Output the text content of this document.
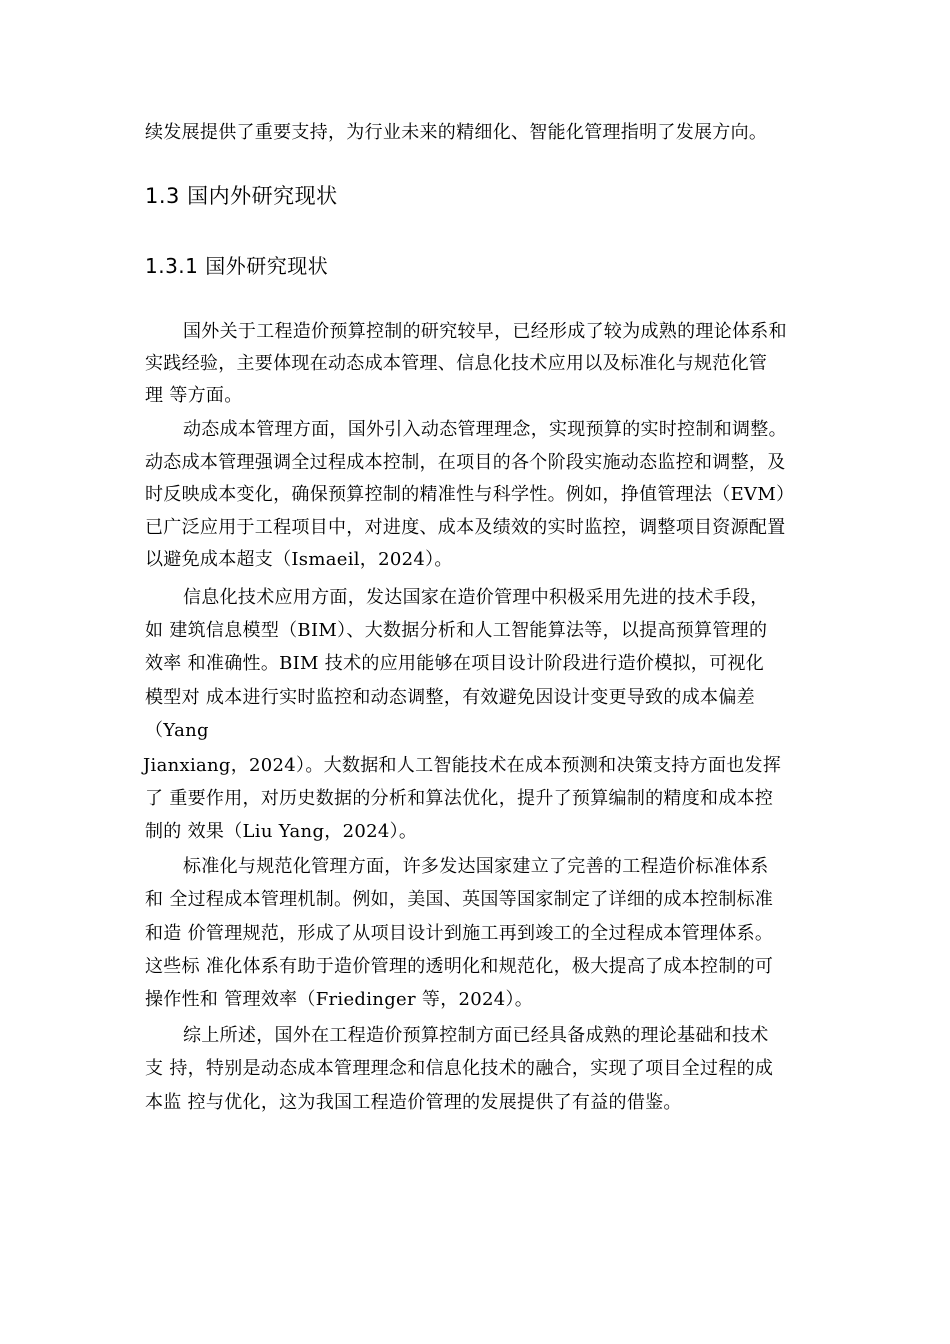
续发展提供了重要支持，为行业未来的精细化、智能化管理指明了发展方向。
1.3 国内外研究现状
1.3.1 国外研究现状
国外关于工程造价预算控制的研究较早，已经形成了较为成熟的理论体系和
实践经验，主要体现在动态成本管理、信息化技术应用以及标准化与规范化管
理 等方面。
动态成本管理方面，国外引入动态管理理念，实现预算的实时控制和调整。
动态成本管理强调全过程成本控制，在项目的各个阶段实施动态监控和调整，及
时反映成本变化，确保预算控制的精准性与科学性。例如，挣值管理法（EVM）
已广泛应用于工程项目中，对进度、成本及绩效的实时监控，调整项目资源配置
以避免成本超支（Ismaeil，2024）。
信息化技术应用方面，发达国家在造价管理中积极采用先进的技术手段，
如 建筑信息模型（BIM）、大数据分析和人工智能算法等，以提高预算管理的
效率 和准确性。BIM 技术的应用能够在项目设计阶段进行造价模拟，可视化
模型对 成本进行实时监控和动态调整，有效避免因设计变更导致的成本偏差
（Yang
Jianxiang，2024）。大数据和人工智能技术在成本预测和决策支持方面也发挥
了 重要作用，对历史数据的分析和算法优化，提升了预算编制的精度和成本控
制的 效果（Liu Yang，2024）。
标准化与规范化管理方面，许多发达国家建立了完善的工程造价标准体系
和 全过程成本管理机制。例如，美国、英国等国家制定了详细的成本控制标准
和造 价管理规范，形成了从项目设计到施工再到竣工的全过程成本管理体系。
这些标 准化体系有助于造价管理的透明化和规范化，极大提高了成本控制的可
操作性和 管理效率（Friedinger 等，2024）。
综上所述，国外在工程造价预算控制方面已经具备成熟的理论基础和技术
支 持，特别是动态成本管理理念和信息化技术的融合，实现了项目全过程的成
本监 控与优化，这为我国工程造价管理的发展提供了有益的借鉴。
